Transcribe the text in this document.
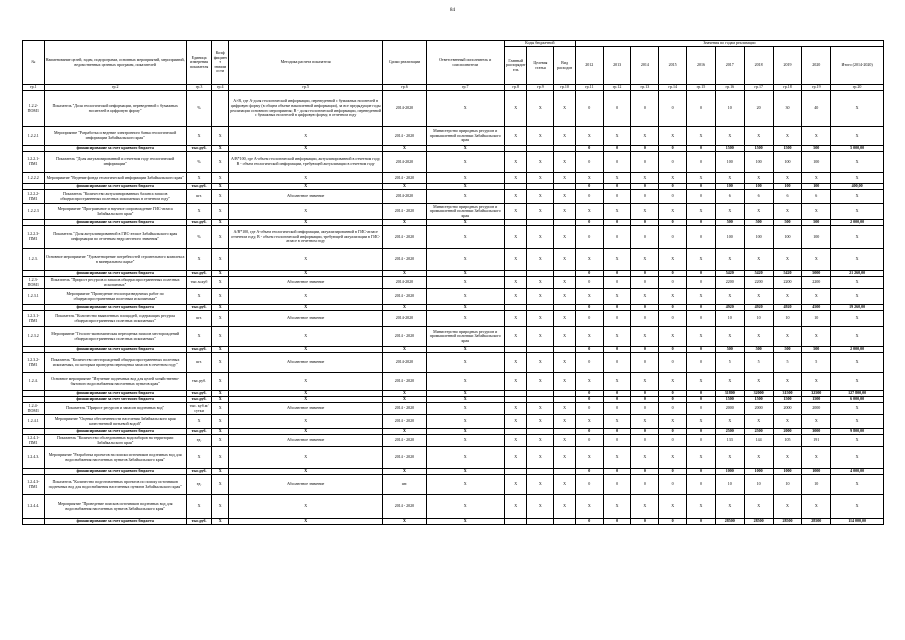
84
№	Наименование целей, задач, подпрограмм, основных мероприятий, мероприятий, ведомственных целевых программ, показателей	Единица измерения показателя	Коэф фициент значимости	Методика расчета показателя	Сроки реализации	Ответственный исполнитель и соисполнители	Коды бюджетной			Значения по годам реализации									
							Главный распорядитель	Целевая статья	Вид расходов	2012	2013	2014	2015	2016	2017	2018	2019	2020	Итого (2014-2020)
гр.1	гр.2	гр.3	гр.4	гр.5	гр.6	гр.7	гр.8	гр.9	гр.10	гр.11	гр.12	гр.13	гр.14	гр.15	гр.16	гр.17	гр.18	гр.19	гр.20
1.2.2-ПОМ1	Показатель "Доля геологической информации, переведенной с бумажных носителей в цифровую форму"	%		A×B, где A-доля геологической информации, переведенной с бумажных носителей в цифровую форму (в общем объеме накопленной информации), за все предыдущие годы реализации основного мероприятия; B - доля геологической информации, переведенной с бумажных носителей в цифровую форму, в отчетном году	2014-2020	X	X	X	X	0	0	0	0	0	10	20	30	40	X
1.2.2.1	Мероприятие "Разработка и ведение электронного банка геологической информации Забайкальского края"	X	X	X	2014 - 2020	Министерство природных ресурсов и промышленной политики Забайкальского края	X	X	X	X	X	X	X	X	X	X	X	X	X
	финансирование за счет краевого бюджета	тыс.руб.	X	X	X	X				0	0	0	0	0	1500	1500	1500	500	5 000,00
1.2.2.1-ПМ1	Показатель "Доля актуализированной и отчетном году геологической информации"	%	X	A/B*100, где A-объем геологической информации, актуализированной в отчетном году, B - объем геологической информации, требующей актуализации в отчетном году	2014-2020	X	X	X	X	0	0	0	0	0	100	100	100	100	X
1.2.2.2	Мероприятие "Ведение фонда геологической информации Забайкальского края"	X	X	X	2014 - 2020	X	X	X	X	X	X	X	X	X	X	X	X	X	X
	финансирование за счет краевого бюджета	тыс.руб.	X	X	X	X				0	0	0	0	0	100	100	100	100	400,00
1.2.2.2-ПМ1	Показатель "Количество актуализированных баланса запасов общераспространенных полезных ископаемых в отчетном году"	шт.	X	Абсолютное значение	2014-2020	X	X	X	X	0	0	0	0	0	6	6	6	6	X
1.2.2.3	Мероприятие "Программное и научное сопровождение ГИС-атласа Забайкальского края"	X	X	X	2014 - 2020	Министерство природных ресурсов и промышленной политики Забайкальского края	X	X	X	X	X	X	X	X	X	X	X	X	X
	финансирование за счет краевого бюджета	тыс.руб.	X	X	X	X				0	0	0	0	0	500	500	500	500	2 000,00
1.2.2.3-ПМ1	Показатель "Доля актуализированной в ГИС-атласе Забайкальского края информации по отчетным недр местного значения"	%	X	A/B*100, где A-объем геологической информации, актуализированной в ГИС-атласе отчетном году, B - объем геологической информации, требующей актуализации в ГИС-атласе в отчетном году	2014 - 2020	X	X	X	X	0	0	0	0	0	100	100	100	100	X
1.2.3.	Основное мероприятие "Удовлетворение потребностей строительного комплекса в минеральном сырье"	X	X	X	2014 - 2020	X	X	X	X	X	X	X	X	X	X	X	X	X	X
	финансирование за счет краевого бюджета	тыс.руб.	X	X	X	X				0	0	0	0	0	5420	5420	5420	5000	21 260,00
1.2.3-ПОМ1	Показатель "Прирост ресурсов и запасов общераспространенных полезных ископаемых"	тыс.м.куб	X	Абсолютное значение	2014-2020	X	X	X	X	0	0	0	0	0	2200	2200	2200	2200	X
1.2.3.1	Мероприятие "Проведение геологоразведочных работ по общераспространенным полезным ископаемым"	X	X	X	2014 - 2020	X	X	X	X	X	X	X	X	X	X	X	X	X	X
	финансирование за счет краевого бюджета	тыс.руб.	X	X	X	X				0	0	0	0	0	4920	4920	4920	4500	19 260,00
1.2.3.1-ПМ1	Показатель "Количество выявленных площадей, содержащих ресурсы общераспространенных полезных ископаемых"	шт.	X	Абсолютное значение	2014-2020	X	X	X	X	0	0	0	0	0	10	10	10	10	X
1.2.3.2	Мероприятие "Геолого-экономическая переоценка запасов месторождений общераспространенных полезных ископаемых"	X	X	X	2014 - 2020	Министерство природных ресурсов и промышленной политики Забайкальского края	X	X	X	X	X	X	X	X	X	X	X	X	X
	финансирование за счет краевого бюджета	тыс.руб.	X	X	X	X				0	0	0	0	0	500	500	500	500	2 000,00
1.2.3.2-ПМ1	Показатель "Количество месторождений общераспространенных полезных ископаемых, по которым проведена переоценка запасов в отчетном году"	шт.	X	Абсолютное значение	2014-2020	X	X	X	X	0	0	0	0	0	5	5	5	5	X
1.2.4.	Основное мероприятие "Изучение подземных вод для целей хозяйственно-бытового водоснабжения населенных пунктов края"	тыс.руб.	X	X	2014 - 2020	X	X	X	X	X	X	X	X	X	X	X	X	X	X
	финансирование за счет краевого бюджета	тыс.руб.	X	X	X	X				0	0	0	0	0	31800	32000	31500	32500	127 800,00
	финансирование за счет местного бюджета	тыс.руб.	X	X	X	X				0	0	0	0	0	1500	1500	1500	1500	6 000,00
1.2.4-ПОМ1	Показатель "Прирост ресурсов и запасов подземных вод"	тыс. куб.м/сутки	X	Абсолютное значение	2014 - 2020	X	X	X	X	0	0	0	0	0	2000	2000	2000	2000	X
1.2.4.1	Мероприятие "Оценка обеспеченности населения Забайкальского края качественной питьевой водой"	X	X	X	2014 - 2020	X	X	X	X	X	X	X	X	X	X	X	X	X	X
	финансирование за счет краевого бюджета	тыс.руб.	X	X	X	X				0	0	0	0	0	2500	2500	2000	3000	9 800,00
1.2.4.1-ПМ1	Показатель "Количество обследованных водозаборов на территории Забайкальского края"	ед.	X	Абсолютное значение	2014 - 2020	X	X	X	X	0	0	0	0	0	133	144	105	191	X
1.2.4.3.	Мероприятие "Разработка проектов на поиски источников подземных вод для водоснабжения населенных пунктов Забайкальского края"	X	X	X	2014 - 2020	X	X	X	X	X	X	X	X	X	X	X	X	X	X
	финансирование за счет краевого бюджета	тыс.руб.	X	X	X	X				0	0	0	0	0	1000	1000	1000	1000	4 000,00
1.2.4.3-ПМ1	Показатель "Количество подготовленных проектов по поиску источников подземных вод для водоснабжения населенных пунктов Забайкальского края"	ед.	X	Абсолютное значение	шт.	X	X	X	X	0	0	0	0	0	10	10	10	10	X
1.2.4.4.	Мероприятие "Проведение поисков источников подземных вод для водоснабжения населенных пунктов Забайкальского края"	X	X	X	2014 - 2020	X	X	X	X	X	X	X	X	X	X	X	X	X	X
	финансирование за счет краевого бюджета	тыс.руб.	X	X	X	X				0	0	0	0	0	28500	28500	28500	28500	114 000,00
